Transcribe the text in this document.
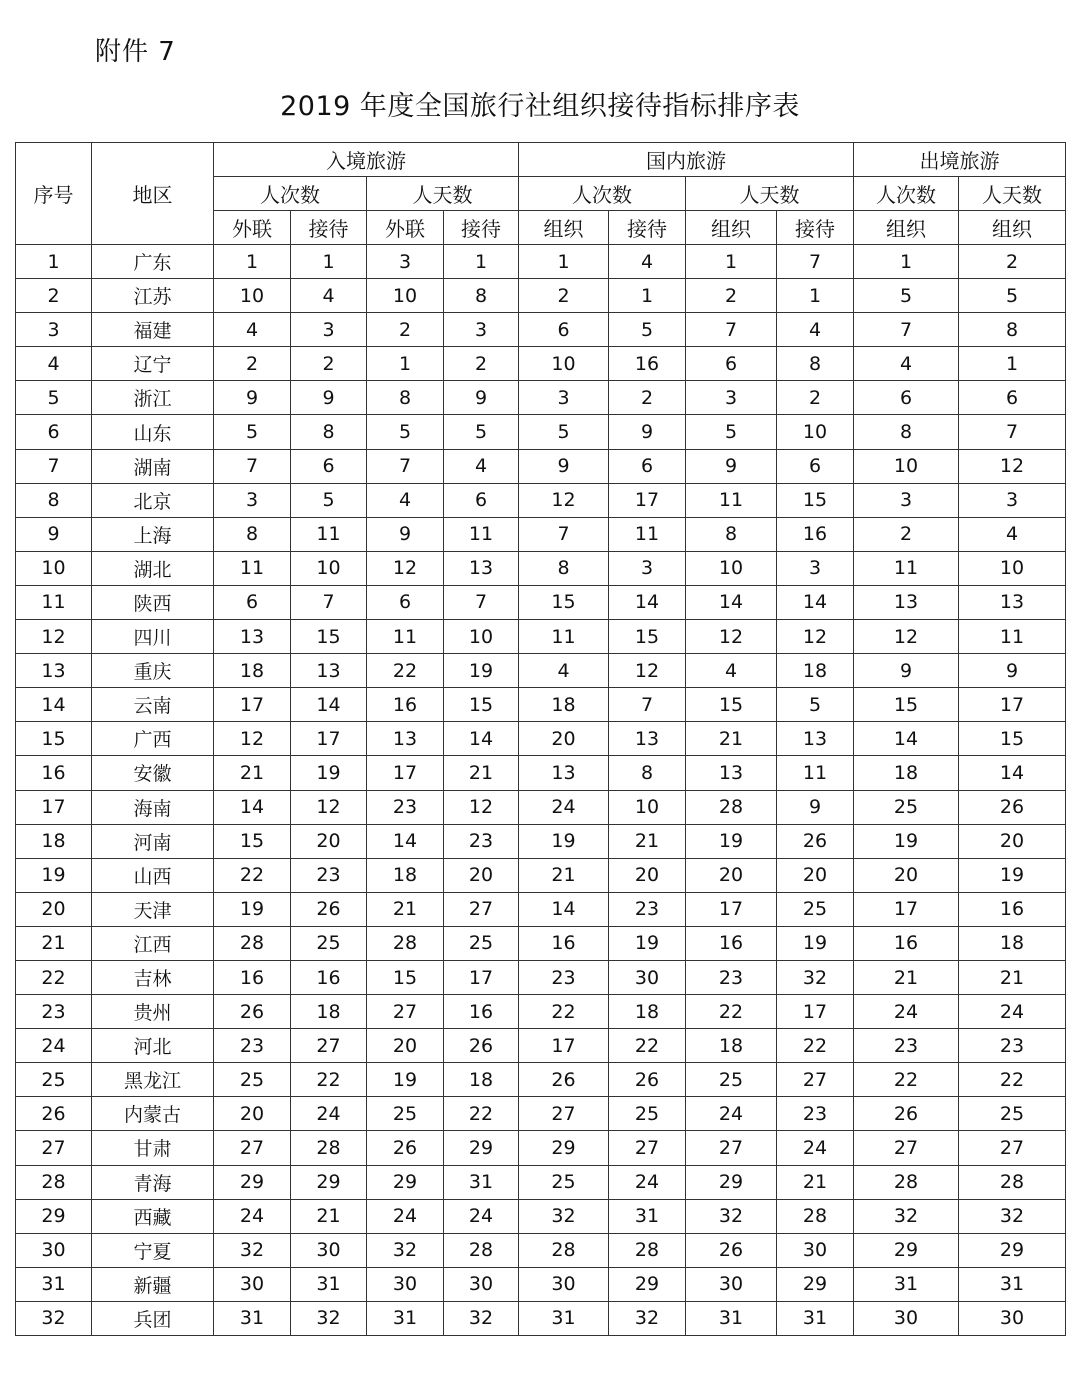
附件 7
2019 年度全国旅行社组织接待指标排序表
序号	地区	入境旅游				国内旅游				出境旅游	
		人次数		人天数		人次数		人天数		人次数	人天数
		外联	接待	外联	接待	组织	接待	组织	接待	组织	组织
1	广东	1	1	3	1	1	4	1	7	1	2
2	江苏	10	4	10	8	2	1	2	1	5	5
3	福建	4	3	2	3	6	5	7	4	7	8
4	辽宁	2	2	1	2	10	16	6	8	4	1
5	浙江	9	9	8	9	3	2	3	2	6	6
6	山东	5	8	5	5	5	9	5	10	8	7
7	湖南	7	6	7	4	9	6	9	6	10	12
8	北京	3	5	4	6	12	17	11	15	3	3
9	上海	8	11	9	11	7	11	8	16	2	4
10	湖北	11	10	12	13	8	3	10	3	11	10
11	陕西	6	7	6	7	15	14	14	14	13	13
12	四川	13	15	11	10	11	15	12	12	12	11
13	重庆	18	13	22	19	4	12	4	18	9	9
14	云南	17	14	16	15	18	7	15	5	15	17
15	广西	12	17	13	14	20	13	21	13	14	15
16	安徽	21	19	17	21	13	8	13	11	18	14
17	海南	14	12	23	12	24	10	28	9	25	26
18	河南	15	20	14	23	19	21	19	26	19	20
19	山西	22	23	18	20	21	20	20	20	20	19
20	天津	19	26	21	27	14	23	17	25	17	16
21	江西	28	25	28	25	16	19	16	19	16	18
22	吉林	16	16	15	17	23	30	23	32	21	21
23	贵州	26	18	27	16	22	18	22	17	24	24
24	河北	23	27	20	26	17	22	18	22	23	23
25	黑龙江	25	22	19	18	26	26	25	27	22	22
26	内蒙古	20	24	25	22	27	25	24	23	26	25
27	甘肃	27	28	26	29	29	27	27	24	27	27
28	青海	29	29	29	31	25	24	29	21	28	28
29	西藏	24	21	24	24	32	31	32	28	32	32
30	宁夏	32	30	32	28	28	28	26	30	29	29
31	新疆	30	31	30	30	30	29	30	29	31	31
32	兵团	31	32	31	32	31	32	31	31	30	30
